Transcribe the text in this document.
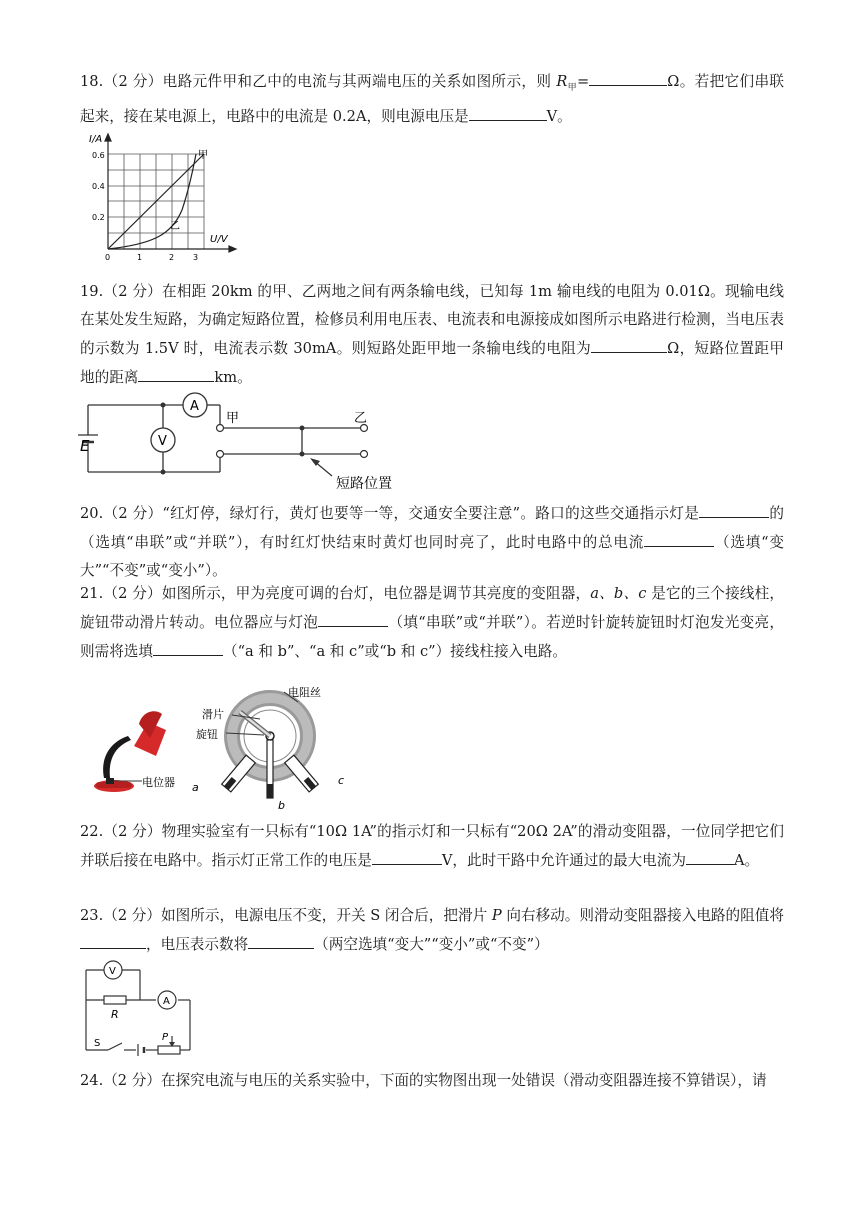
18.（2 分）电路元件甲和乙中的电流与其两端电压的关系如图所示，则 $R_甲=$	Ω。若把它们串联起来，接在某电源上，电路中的电流是 0.2A，则电源电压是	V。
I/A
0.6
0.4
0.2
0	1	2 3
U/V
甲
乙
19.（2 分）在相距 20km 的甲、乙两地之间有两条输电线，已知每 1m 输电线的电阻为 0.01Ω。现输电线在某处发生短路，为确定短路位置，检修员利用电压表、电流表和电源接成如图所示电路进行检测，当电压表的示数为 1.5V 时，电流表示数 30mA。则短路处距甲地一条输电线的电阻为	Ω，短路位置距甲地的距离	km。
A
V
E
甲	乙
短路位置
20.（2 分）“红灯停，绿灯行，黄灯也要等一等，交通安全要注意”。路口的这些交通指示灯是	的（选填“串联”或“并联”），有时红灯快结束时黄灯也同时亮了，此时电路中的总电流	（选填“变大”“不变”或“变小”）。
21.（2 分）如图所示，甲为亮度可调的台灯，电位器是调节其亮度的变阻器，a、b、c 是它的三个接线柱，旋钮带动滑片转动。电位器应与灯泡	（填“串联”或“并联”）。若逆时针旋转旋钮时灯泡发光变亮，则需将选填	（“a 和 b”、“a 和 c”或“b 和 c”）接线柱接入电路。
电位器
电阻丝
滑片
旋钮
a
b
c
22.（2 分）物理实验室有一只标有“10Ω 1A”的指示灯和一只标有“20Ω 2A”的滑动变阻器，一位同学把它们并联后接在电路中。指示灯正常工作的电压是	V，此时干路中允许通过的最大电流为	A。
23.（2 分）如图所示，电源电压不变，开关 S 闭合后，把滑片 P 向右移动。则滑动变阻器接入电路的阻值将，电压表示数将	（两空选填“变大”“变小”或“不变”）
V
A
R
S
P
24.（2 分）在探究电流与电压的关系实验中，下面的实物图出现一处错误（滑动变阻器连接不算错误），请
